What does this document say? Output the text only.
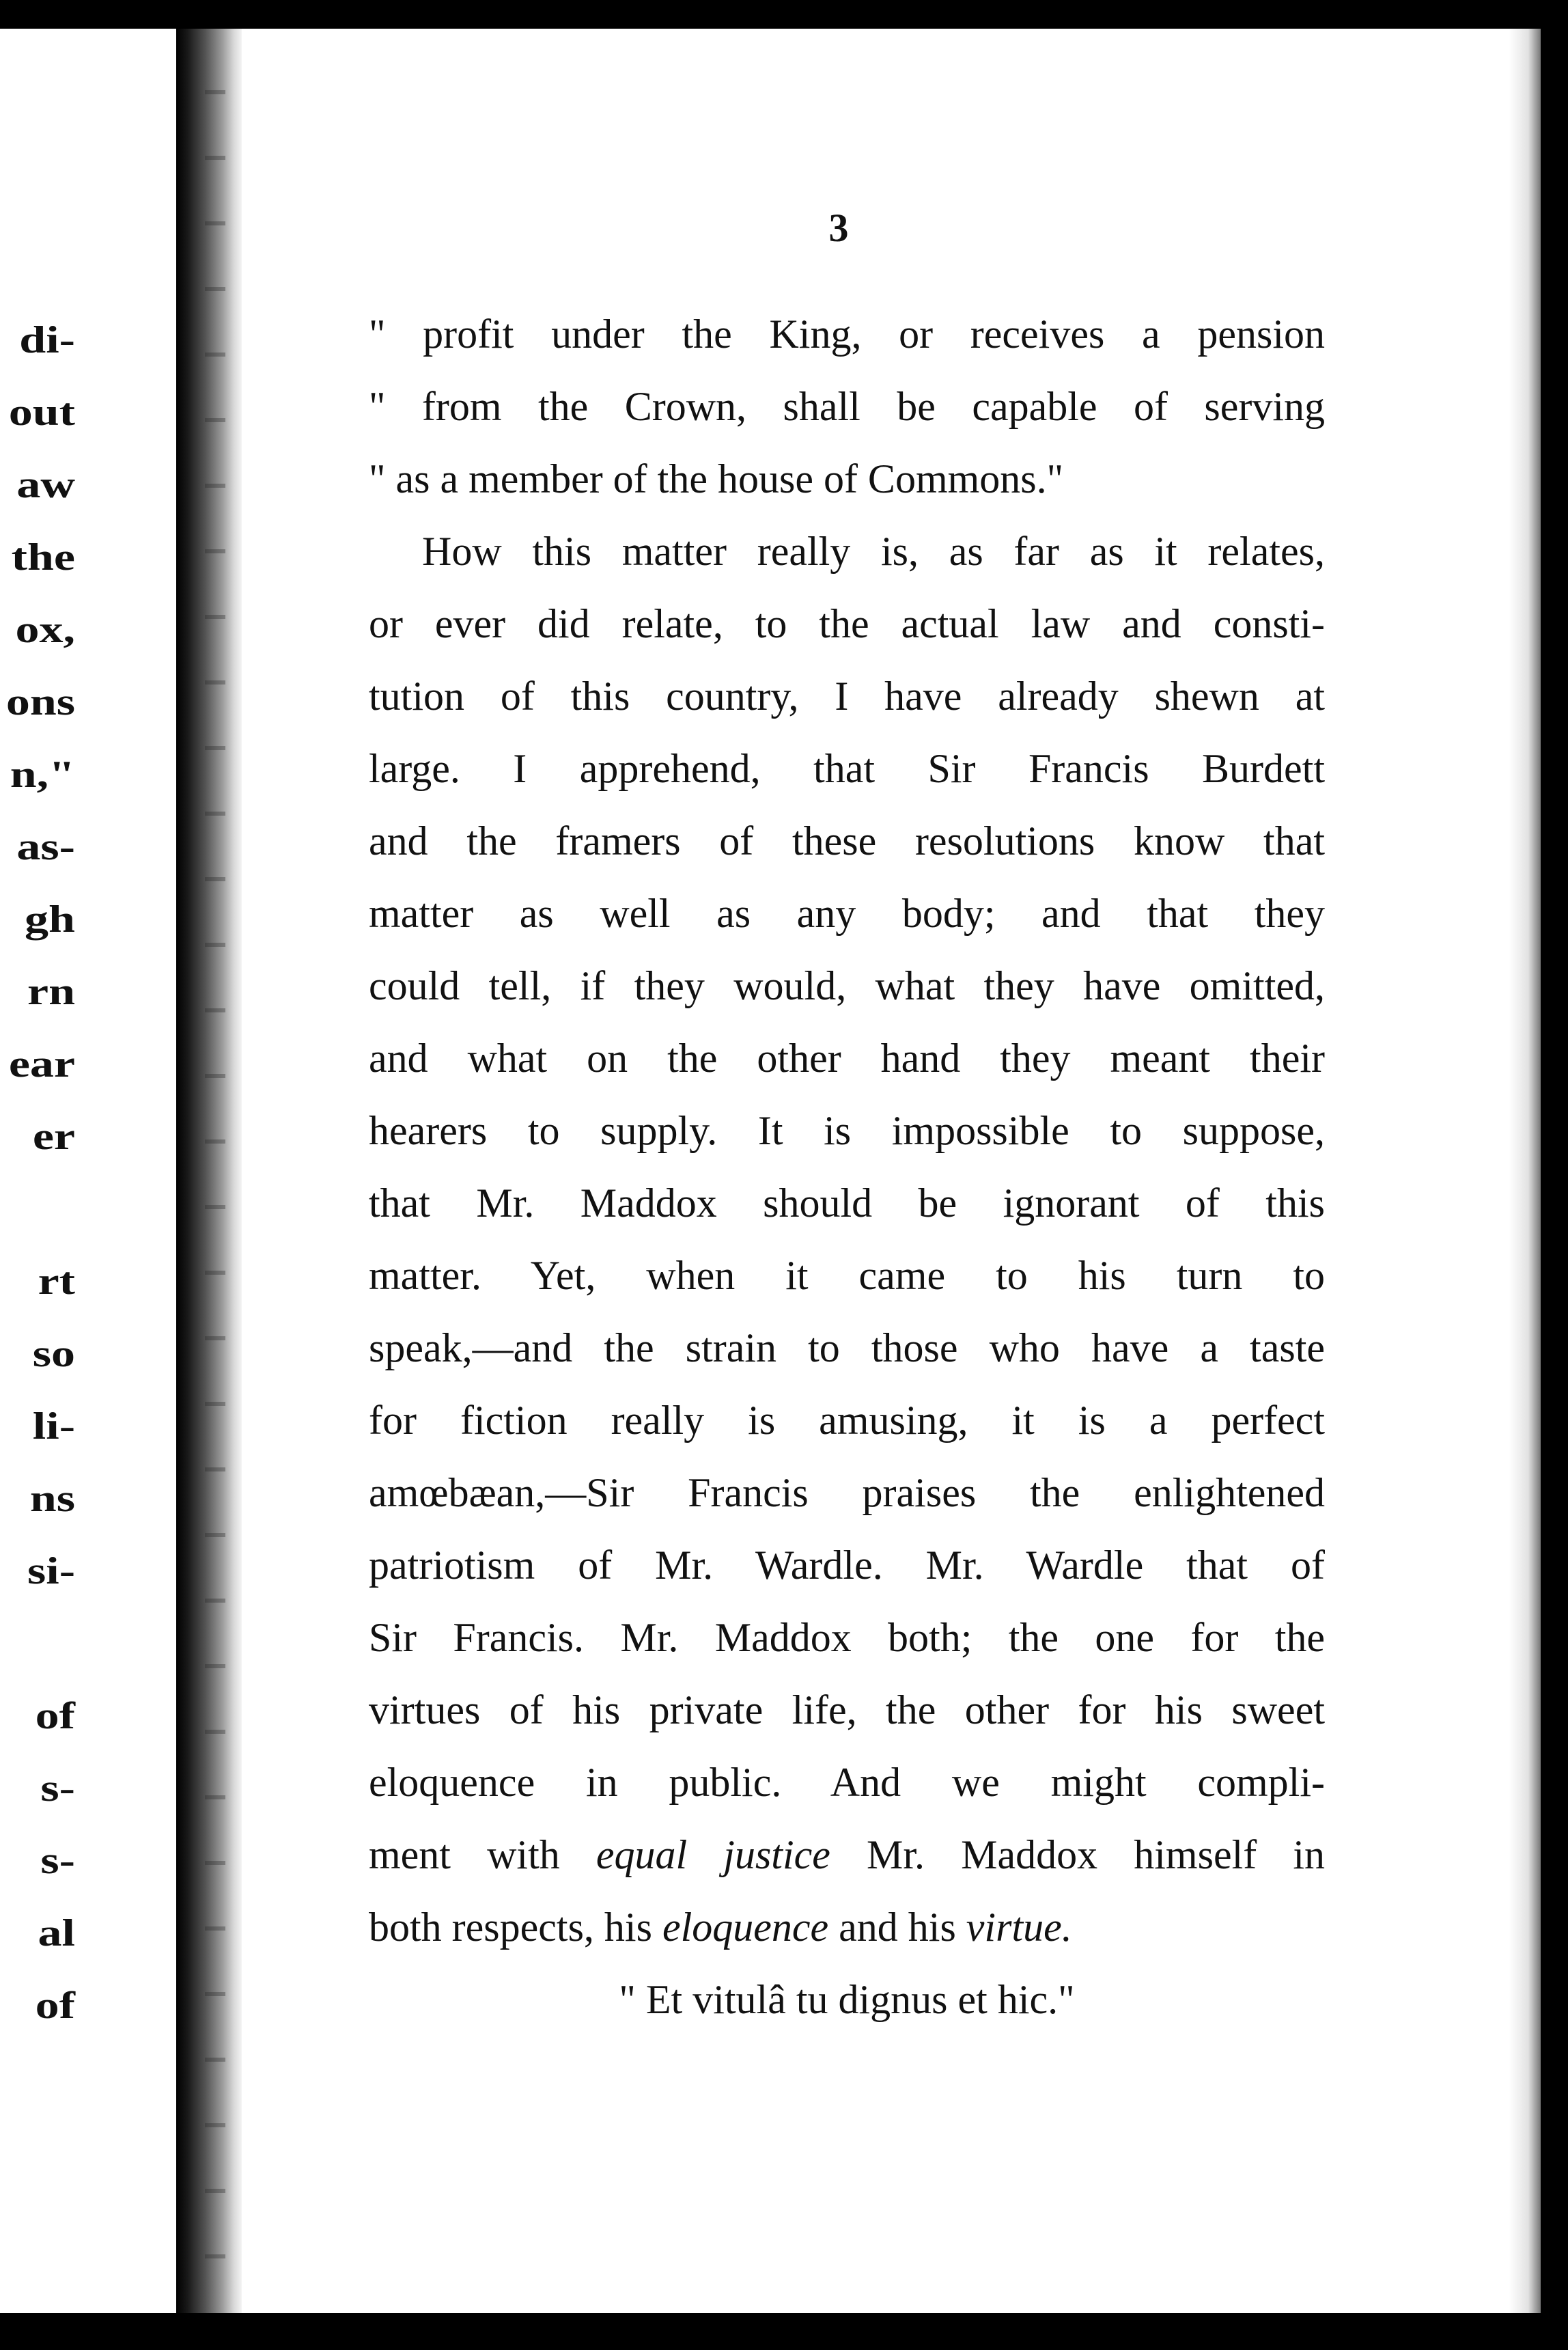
di-
out
aw
the
ox,
ons
n,"
as-
gh
rn
ear
er
rt
so
li-
ns
si-
of
s-
s-
al
of
3
" profit under the King, or receives a pension
" from the Crown, shall be capable of serving
" as a member of the house of Commons."
How this matter really is, as far as it relates,
or ever did relate, to the actual law and consti-
tution of this country, I have already shewn at
large. I apprehend, that Sir Francis Burdett
and the framers of these resolutions know that
matter as well as any body; and that they
could tell, if they would, what they have omitted,
and what on the other hand they meant their
hearers to supply. It is impossible to suppose,
that Mr. Maddox should be ignorant of this
matter. Yet, when it came to his turn to
speak,—and the strain to those who have a taste
for fiction really is amusing, it is a perfect
amœbæan,—Sir Francis praises the enlightened
patriotism of Mr. Wardle. Mr. Wardle that of
Sir Francis. Mr. Maddox both; the one for the
virtues of his private life, the other for his sweet
eloquence in public. And we might compli-
ment with equal justice Mr. Maddox himself in
both respects, his eloquence and his virtue.
" Et vitulâ tu dignus et hic."
